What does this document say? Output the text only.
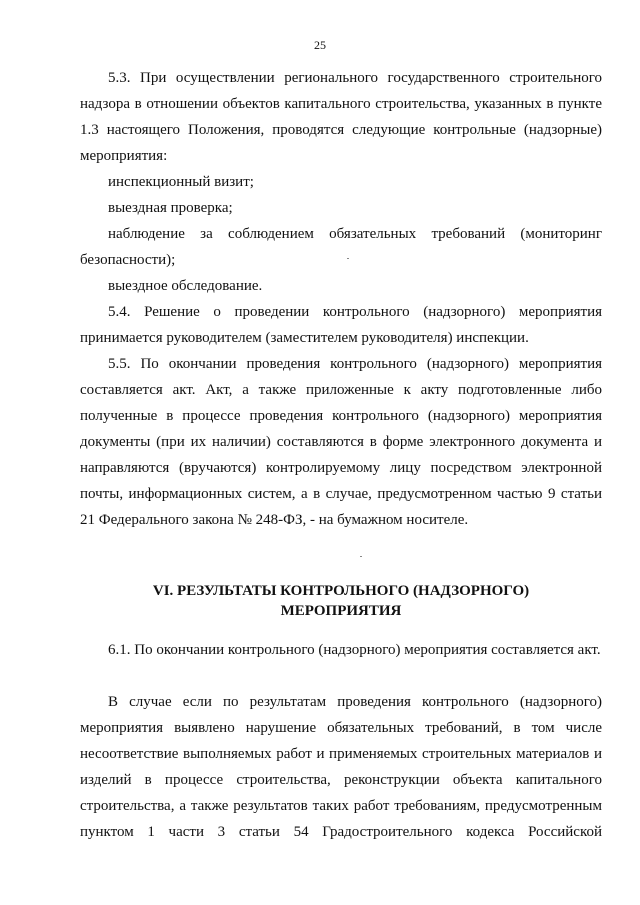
25

5.3. При осуществлении регионального государственного строительного надзора в отношении объектов капитального строительства, указанных в пункте 1.3 настоящего Положения, проводятся следующие контрольные (надзорные) мероприятия:

инспекционный визит;

выездная проверка;

наблюдение за соблюдением обязательных требований (мониторинг безопасности);

выездное обследование.

5.4. Решение о проведении контрольного (надзорного) мероприятия принимается руководителем (заместителем руководителя) инспекции.

5.5. По окончании проведения контрольного (надзорного) мероприятия составляется акт. Акт, а также приложенные к акту подготовленные либо полученные в процессе проведения контрольного (надзорного) мероприятия документы (при их наличии) составляются в форме электронного документа и направляются (вручаются) контролируемому лицу посредством электронной почты, информационных систем, а в случае, предусмотренном частью 9 статьи 21 Федерального закона № 248-ФЗ, - на бумажном носителе.

VI. РЕЗУЛЬТАТЫ КОНТРОЛЬНОГО (НАДЗОРНОГО)
МЕРОПРИЯТИЯ

6.1. По окончании контрольного (надзорного) мероприятия составляется акт.

В случае если по результатам проведения контрольного (надзорного) мероприятия выявлено нарушение обязательных требований, в том числе несоответствие выполняемых работ и применяемых строительных материалов и изделий в процессе строительства, реконструкции объекта капитального строительства, а также результатов таких работ требованиям, предусмотренным пунктом 1 части 3 статьи 54 Градостроительного кодекса Российской
